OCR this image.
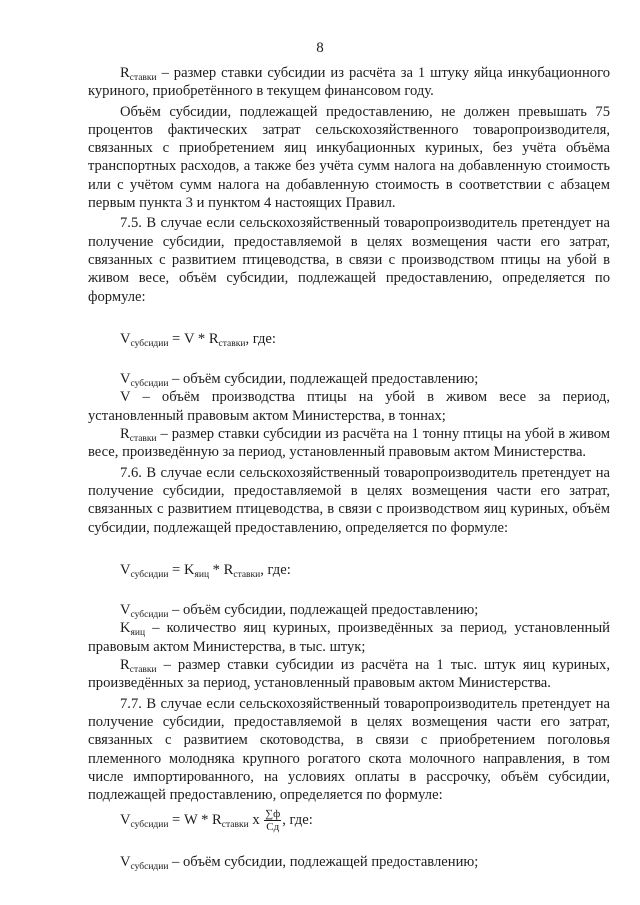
8

$R_{ставки}$ – размер ставки субсидии из расчёта за 1 штуку яйца инкубационного куриного, приобретённого в текущем финансовом году.

Объём субсидии, подлежащей предоставлению, не должен превышать 75 процентов фактических затрат сельскохозяйственного товаропроизводителя, связанных с приобретением яиц инкубационных куриных, без учёта объёма транспортных расходов, а также без учёта сумм налога на добавленную стоимость или с учётом сумм налога на добавленную стоимость в соответствии с абзацем первым пункта 3 и пунктом 4 настоящих Правил.

7.5. В случае если сельскохозяйственный товаропроизводитель претендует на получение субсидии, предоставляемой в целях возмещения части его затрат, связанных с развитием птицеводства, в связи с производством птицы на убой в живом весе, объём субсидии, подлежащей предоставлению, определяется по формуле:

$V_{субсидии} = V * R_{ставки}$, где:

$V_{субсидии}$ – объём субсидии, подлежащей предоставлению;

V – объём производства птицы на убой в живом весе за период, установленный правовым актом Министерства, в тоннах;

$R_{ставки}$ – размер ставки субсидии из расчёта на 1 тонну птицы на убой в живом весе, произведённую за период, установленный правовым актом Министерства.

7.6. В случае если сельскохозяйственный товаропроизводитель претендует на получение субсидии, предоставляемой в целях возмещения части его затрат, связанных с развитием птицеводства, в связи с производством яиц куриных, объём субсидии, подлежащей предоставлению, определяется по формуле:

$V_{субсидии} = K_{яиц} * R_{ставки}$, где:

$V_{субсидии}$ – объём субсидии, подлежащей предоставлению;

$K_{яиц}$ – количество яиц куриных, произведённых за период, установленный правовым актом Министерства, в тыс. штук;

$R_{ставки}$ – размер ставки субсидии из расчёта на 1 тыс. штук яиц куриных, произведённых за период, установленный правовым актом Министерства.

7.7. В случае если сельскохозяйственный товаропроизводитель претендует на получение субсидии, предоставляемой в целях возмещения части его затрат, связанных с развитием скотоводства, в связи с приобретением поголовья племенного молодняка крупного рогатого скота молочного направления, в том числе импортированного, на условиях оплаты в рассрочку, объём субсидии, подлежащей предоставлению, определяется по формуле:

$V_{субсидии} = W * R_{ставки}$ x $\frac{\sum ф}{Сд}$ , где:

$V_{субсидии}$ – объём субсидии, подлежащей предоставлению;
